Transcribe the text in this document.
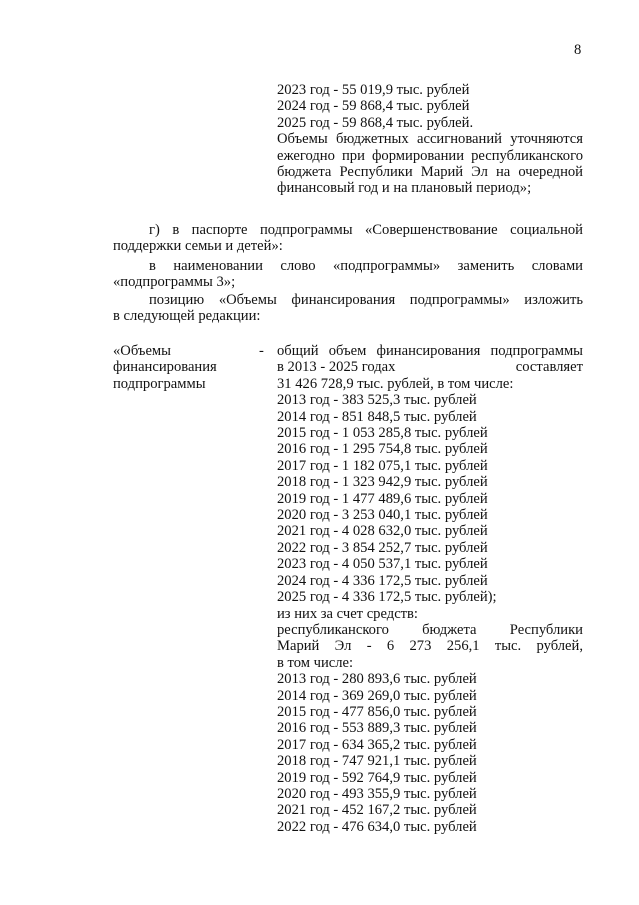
8
2023 год - 55 019,9 тыс. рублей
2024 год - 59 868,4 тыс. рублей
2025 год - 59 868,4 тыс. рублей.
Объемы бюджетных ассигнований уточняются
ежегодно при формировании республиканского
бюджета Республики Марий Эл на очередной
финансовый год и на плановый период»;
г) в паспорте подпрограммы «Совершенствование социальной
поддержки семьи и детей»:
в наименовании слово «подпрограммы» заменить словами
«подпрограммы 3»;
позицию «Объемы финансирования подпрограммы» изложить
в следующей редакции:
«Объемы
финансирования
подпрограммы
- общий объем финансирования подпрограммы
в 2013 - 2025 годах	составляет
31 426 728,9 тыс. рублей, в том числе:
2013 год - 383 525,3 тыс. рублей
2014 год - 851 848,5 тыс. рублей
2015 год - 1 053 285,8 тыс. рублей
2016 год - 1 295 754,8 тыс. рублей
2017 год - 1 182 075,1 тыс. рублей
2018 год - 1 323 942,9 тыс. рублей
2019 год - 1 477 489,6 тыс. рублей
2020 год - 3 253 040,1 тыс. рублей
2021 год - 4 028 632,0 тыс. рублей
2022 год - 3 854 252,7 тыс. рублей
2023 год - 4 050 537,1 тыс. рублей
2024 год - 4 336 172,5 тыс. рублей
2025 год - 4 336 172,5 тыс. рублей);
из них за счет средств:
республиканского бюджета Республики
Марий Эл - 6 273 256,1 тыс. рублей,
в том числе:
2013 год - 280 893,6 тыс. рублей
2014 год - 369 269,0 тыс. рублей
2015 год - 477 856,0 тыс. рублей
2016 год - 553 889,3 тыс. рублей
2017 год - 634 365,2 тыс. рублей
2018 год - 747 921,1 тыс. рублей
2019 год - 592 764,9 тыс. рублей
2020 год - 493 355,9 тыс. рублей
2021 год - 452 167,2 тыс. рублей
2022 год - 476 634,0 тыс. рублей
